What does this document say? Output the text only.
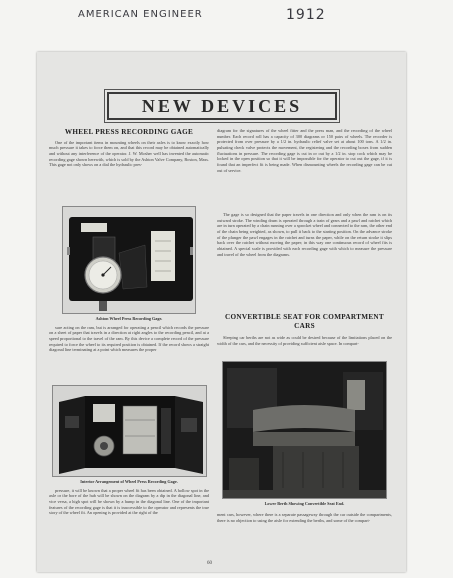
AMERICAN ENGINEER	1912
NEW DEVICES
WHEEL PRESS RECORDING GAGE

One of the important items in mounting wheels on their axles is to know exactly how much pressure it takes to force them on, and that this record may be obtained automatically and without any interference of the operator. J. W. Mosher well has invented the automatic recording gage shown herewith, which is sold by the Ashton Valve Company, Boston, Mass. This gage not only shows on a dial the hydraulic pres-

Ashton Wheel Press Recording Gage.

sure acting on the ram, but is arranged for operating a pencil which records the pressure on a sheet of paper that travels in a direction at right angles to the recording pencil, and at a speed proportional to the travel of the ram. By this device a complete record of the pressure required to force the wheel to its required position is obtained. If the record shows a straight diagonal line terminating at a point which measures the proper

Interior Arrangement of Wheel Press Recording Gage.

pressure, it will be known that a proper wheel fit has been obtained. A hollow spot in the axle or the bore of the hub will be shown on the diagram by a dip in the diagonal line, and vice versa, a high spot will be shown by a hump in the diagonal line. One of the important features of the recording gage is that it is inaccessible to the operator and represents the true story of the wheel fit. An opening is provided at the right of the

diagram for the signatures of the wheel fitter and the press man, and the recording of the wheel number. Each record roll has a capacity of 300 diagrams or 150 pairs of wheels. The recorder is protected from over pressure by a 1/2 in. hydraulic relief valve set at about 100 tons. A 1/2 in. pulsating check valve protects the movement, the registering and the recording boxes from sudden fluctuations in pressure. The recording gage is cut in or out by a 1/2 in. stop cock which may be locked in the open position so that it will be impossible for the operator to cut out the gage, if it is found that an imperfect fit is being made. When dismounting wheels the recording gage can be cut out of service.

The gage is so designed that the paper travels in one direction and only when the ram is on its outward stroke. The winding drum is operated through a train of gears and a pawl and ratchet which are in turn operated by a chain running over a sprocket wheel and connected to the ram, the other end of the chain being weighted, as shown, to pull it back to the starting position. On the advance stroke of the plunger the pawl engages in the ratchet and turns the paper, while on the return stroke it slips back over the ratchet without moving the paper; in this way one continuous record of wheel fits is obtained. A special scale is provided with each recording gage with which to measure the pressure and travel of the wheel from the diagrams.

CONVERTIBLE SEAT FOR COMPARTMENT CARS

Sleeping car berths are not as wide as could be desired because of the limitations placed on the width of the cars, and the necessity of providing sufficient aisle space. In compart-

Lower Berth Showing Convertible Seat End.

ment cars, however, where there is a separate passageway through the car outside the compartments, there is no objection to using the aisle for extending the berths, and some of the compart-

60
